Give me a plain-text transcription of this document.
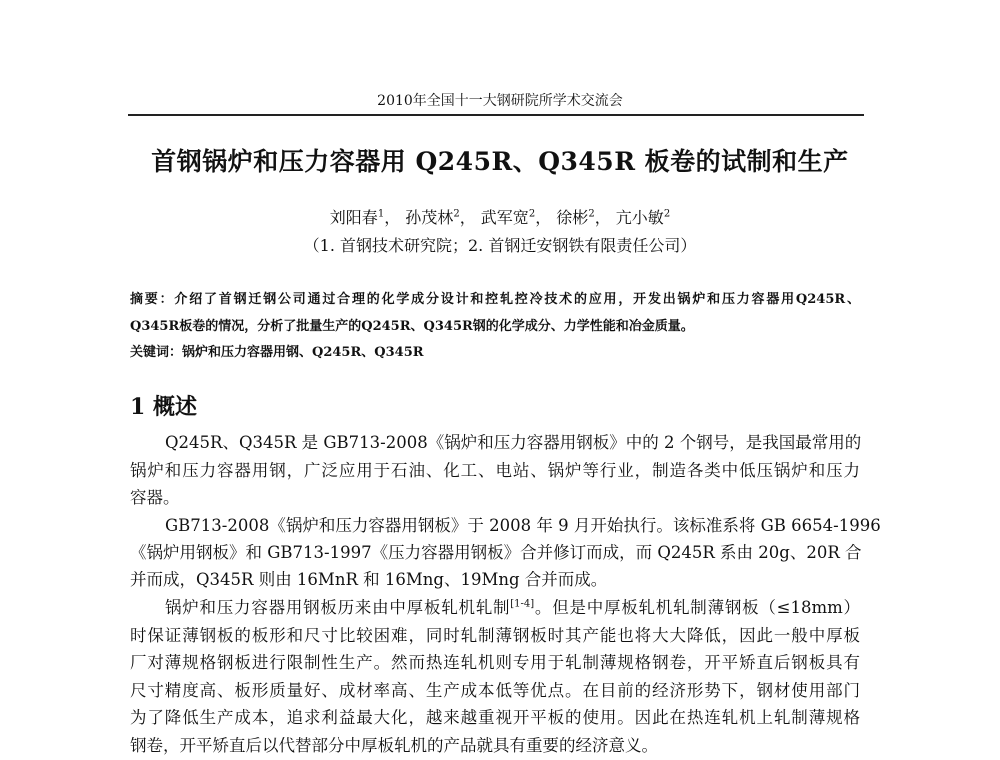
2010年全国十一大钢研院所学术交流会
首钢锅炉和压力容器用 Q245R、Q345R 板卷的试制和生产
刘阳春$^1$， 孙茂林$^2$， 武军宽$^2$， 徐彬$^2$， 亢小敏$^2$
（1. 首钢技术研究院；2. 首钢迁安钢铁有限责任公司）
摘要：介绍了首钢迁钢公司通过合理的化学成分设计和控轧控冷技术的应用，开发出锅炉和压力容器用Q245R、
Q345R板卷的情况，分析了批量生产的Q245R、Q345R钢的化学成分、力学性能和冶金质量。
关键词：锅炉和压力容器用钢、Q245R、Q345R
1 概述
Q245R、Q345R 是 GB713-2008《锅炉和压力容器用钢板》中的 2 个钢号，是我国最常用的
锅炉和压力容器用钢，广泛应用于石油、化工、电站、锅炉等行业，制造各类中低压锅炉和压力
容器。
GB713-2008《锅炉和压力容器用钢板》于 2008 年 9 月开始执行。该标准系将 GB 6654-1996
《锅炉用钢板》和 GB713-1997《压力容器用钢板》合并修订而成，而 Q245R 系由 20g、20R 合
并而成，Q345R 则由 16MnR 和 16Mng、19Mng 合并而成。
锅炉和压力容器用钢板历来由中厚板轧机轧制[1-4]。但是中厚板轧机轧制薄钢板（≤18mm）
时保证薄钢板的板形和尺寸比较困难，同时轧制薄钢板时其产能也将大大降低，因此一般中厚板
厂对薄规格钢板进行限制性生产。然而热连轧机则专用于轧制薄规格钢卷，开平矫直后钢板具有
尺寸精度高、板形质量好、成材率高、生产成本低等优点。在目前的经济形势下，钢材使用部门
为了降低生产成本，追求利益最大化，越来越重视开平板的使用。因此在热连轧机上轧制薄规格
钢卷，开平矫直后以代替部分中厚板轧机的产品就具有重要的经济意义。
